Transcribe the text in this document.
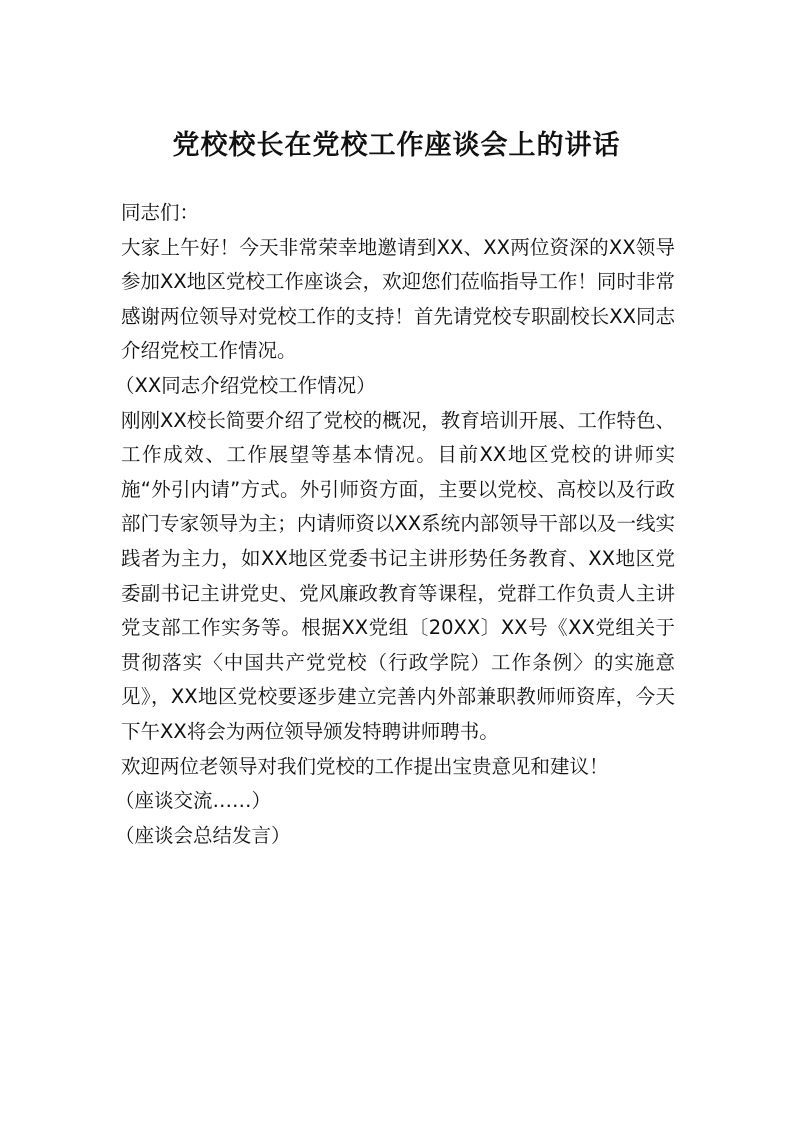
党校校长在党校工作座谈会上的讲话

同志们：

大家上午好！今天非常荣幸地邀请到XX、XX两位资深的XX领导参加XX地区党校工作座谈会，欢迎您们莅临指导工作！同时非常感谢两位领导对党校工作的支持！首先请党校专职副校长XX同志介绍党校工作情况。

（XX同志介绍党校工作情况）

刚刚XX校长简要介绍了党校的概况，教育培训开展、工作特色、工作成效、工作展望等基本情况。目前XX地区党校的讲师实施“外引内请”方式。外引师资方面，主要以党校、高校以及行政部门专家领导为主；内请师资以XX系统内部领导干部以及一线实践者为主力，如XX地区党委书记主讲形势任务教育、XX地区党委副书记主讲党史、党风廉政教育等课程，党群工作负责人主讲党支部工作实务等。根据XX党组〔20XX〕XX号《XX党组关于贯彻落实〈中国共产党党校（行政学院）工作条例〉的实施意见》，XX地区党校要逐步建立完善内外部兼职教师师资库，今天下午XX将会为两位领导颁发特聘讲师聘书。

欢迎两位老领导对我们党校的工作提出宝贵意见和建议！

（座谈交流……）

（座谈会总结发言）
